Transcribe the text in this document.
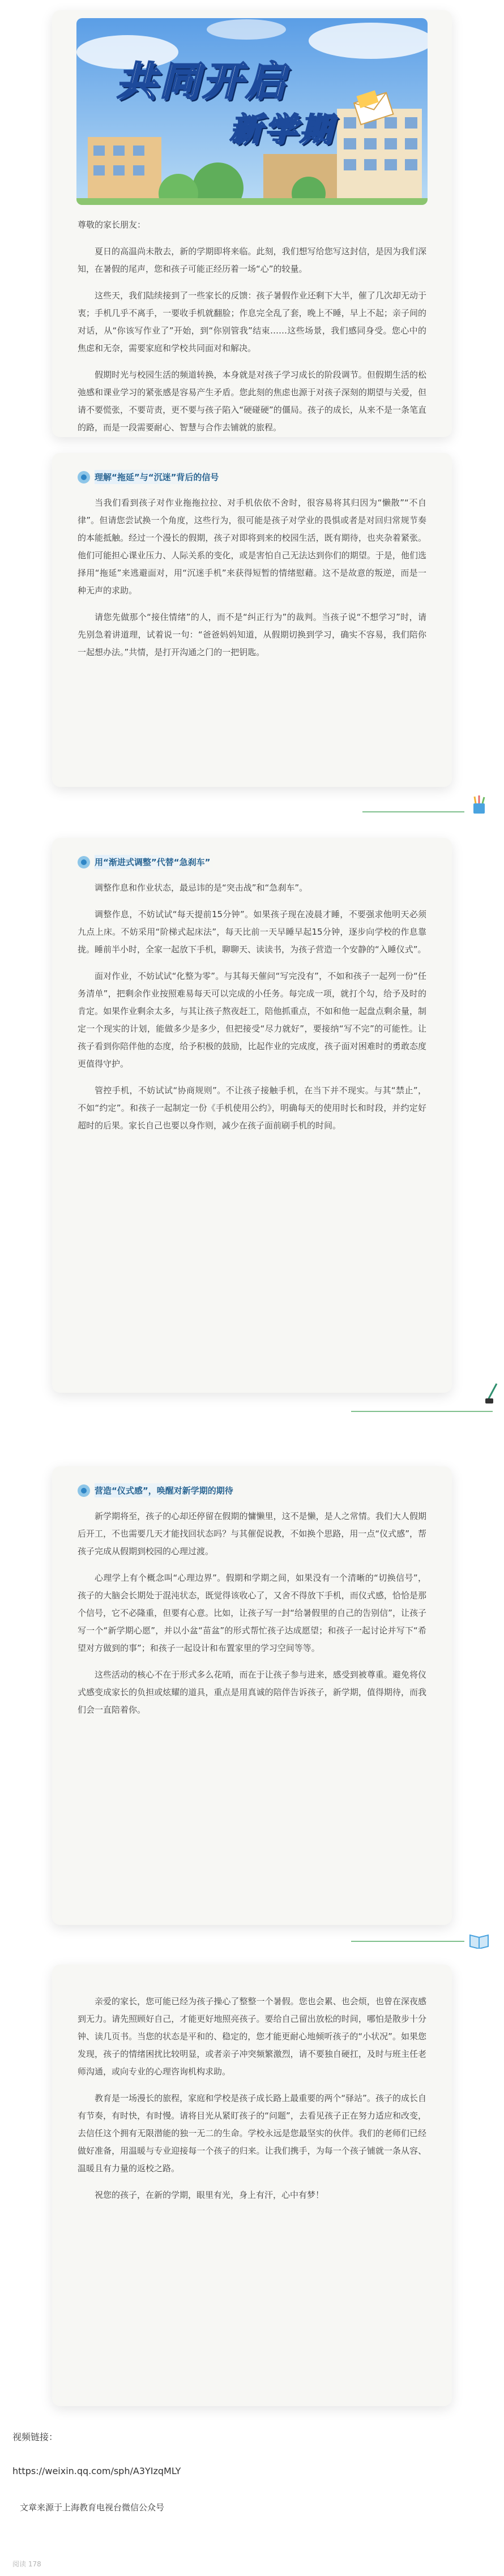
共同开启
新学期

尊敬的家长朋友：

夏日的高温尚未散去，新的学期即将来临。此刻，我们想写给您写这封信，是因为我们深知，在暑假的尾声，您和孩子可能正经历着一场“心”的较量。

这些天，我们陆续接到了一些家长的反馈：孩子暑假作业还剩下大半，催了几次却无动于衷；手机几乎不离手，一要收手机就翻脸；作息完全乱了套，晚上不睡，早上不起；亲子间的对话，从“你该写作业了”开始，到“你别管我”结束……这些场景，我们感同身受。您心中的焦虑和无奈，需要家庭和学校共同面对和解决。

假期时光与校园生活的频道转换，本身就是对孩子学习成长的阶段调节。但假期生活的松弛感和课业学习的紧张感是容易产生矛盾。您此刻的焦虑也源于对孩子深刻的期望与关爱，但请不要慌张，不要苛责，更不要与孩子陷入“硬碰硬”的僵局。孩子的成长，从来不是一条笔直的路，而是一段需要耐心、智慧与合作去铺就的旅程。

理解“拖延”与“沉迷”背后的信号

当我们看到孩子对作业拖拖拉拉、对手机依依不舍时，很容易将其归因为“懒散”“不自律”。但请您尝试换一个角度，这些行为，很可能是孩子对学业的畏惧或者是对回归常规节奏的本能抵触。经过一个漫长的假期，孩子对即将到来的校园生活，既有期待，也夹杂着紧张。他们可能担心课业压力、人际关系的变化，或是害怕自己无法达到你们的期望。于是，他们选择用“拖延”来逃避面对，用“沉迷手机”来获得短暂的情绪慰藉。这不是故意的叛逆，而是一种无声的求助。

请您先做那个“接住情绪”的人，而不是“纠正行为”的裁判。当孩子说“不想学习”时，请先别急着讲道理，试着说一句：“爸爸妈妈知道，从假期切换到学习，确实不容易，我们陪你一起想办法。”共情，是打开沟通之门的一把钥匙。

用“渐进式调整”代替“急刹车”

调整作息和作业状态，最忌讳的是“突击战”和“急刹车”。

调整作息，不妨试试“每天提前15分钟”。如果孩子现在凌晨才睡，不要强求他明天必须九点上床。不妨采用“阶梯式起床法”，每天比前一天早睡早起15分钟，逐步向学校的作息靠拢。睡前半小时，全家一起放下手机，聊聊天、读读书，为孩子营造一个安静的“入睡仪式”。

面对作业，不妨试试“化整为零”。与其每天催问“写完没有”，不如和孩子一起列一份“任务清单”，把剩余作业按照难易每天可以完成的小任务。每完成一项，就打个勾，给予及时的肯定。如果作业剩余太多，与其让孩子熬夜赶工，陪他抓重点，不如和他一起盘点剩余量，制定一个现实的计划，能做多少是多少，但把接受“尽力就好”，要接纳“写不完”的可能性。让孩子看到你陪伴他的态度，给予积极的鼓励，比起作业的完成度，孩子面对困难时的勇敢态度更值得守护。

管控手机，不妨试试“协商规则”。不让孩子接触手机，在当下并不现实。与其“禁止”，不如“约定”。和孩子一起制定一份《手机使用公约》，明确每天的使用时长和时段，并约定好超时的后果。家长自己也要以身作则，减少在孩子面前刷手机的时间。

营造“仪式感”，唤醒对新学期的期待

新学期将至，孩子的心却还停留在假期的慵懒里，这不是懒，是人之常情。我们大人假期后开工，不也需要几天才能找回状态吗？与其催促说教，不如换个思路，用一点“仪式感”，帮孩子完成从假期到校园的心理过渡。

心理学上有个概念叫“心理边界”。假期和学期之间，如果没有一个清晰的“切换信号”，孩子的大脑会长期处于混沌状态，既觉得该收心了，又舍不得放下手机，而仪式感，恰恰是那个信号，它不必隆重，但要有心意。比如，让孩子写一封“给暑假里的自己的告别信”，让孩子写一个“新学期心愿”，并以小盆“苗盆”的形式帮忙孩子达成愿望；和孩子一起讨论并写下“希望对方做到的事”；和孩子一起设计和布置家里的学习空间等等。

这些活动的核心不在于形式多么花哨，而在于让孩子参与进来，感受到被尊重。避免将仪式感变成家长的负担或炫耀的道具，重点是用真诚的陪伴告诉孩子，新学期，值得期待，而我们会一直陪着你。

亲爱的家长，您可能已经为孩子操心了整整一个暑假。您也会累、也会烦，也曾在深夜感到无力。请先照顾好自己，才能更好地照亮孩子。要给自己留出放松的时间，哪怕是散步十分钟、读几页书。当您的状态是平和的、稳定的，您才能更耐心地倾听孩子的“小状况”。如果您发现，孩子的情绪困扰比较明显，或者亲子冲突频繁激烈，请不要独自硬扛，及时与班主任老师沟通，或向专业的心理咨询机构求助。

教育是一场漫长的旅程，家庭和学校是孩子成长路上最重要的两个“驿站”。孩子的成长自有节奏，有时快，有时慢。请将目光从紧盯孩子的“问题”，去看见孩子正在努力适应和改变，去信任这个拥有无限潜能的独一无二的生命。学校永远是您最坚实的伙伴。我们的老师们已经做好准备，用温暖与专业迎接每一个孩子的归来。让我们携手，为每一个孩子铺就一条从容、温暖且有力量的返校之路。

祝您的孩子，在新的学期，眼里有光，身上有汗，心中有梦！

视频链接：
https://weixin.qq.com/sph/A3YIzqMLY
文章来源于上海教育电视台微信公众号
阅读 178
